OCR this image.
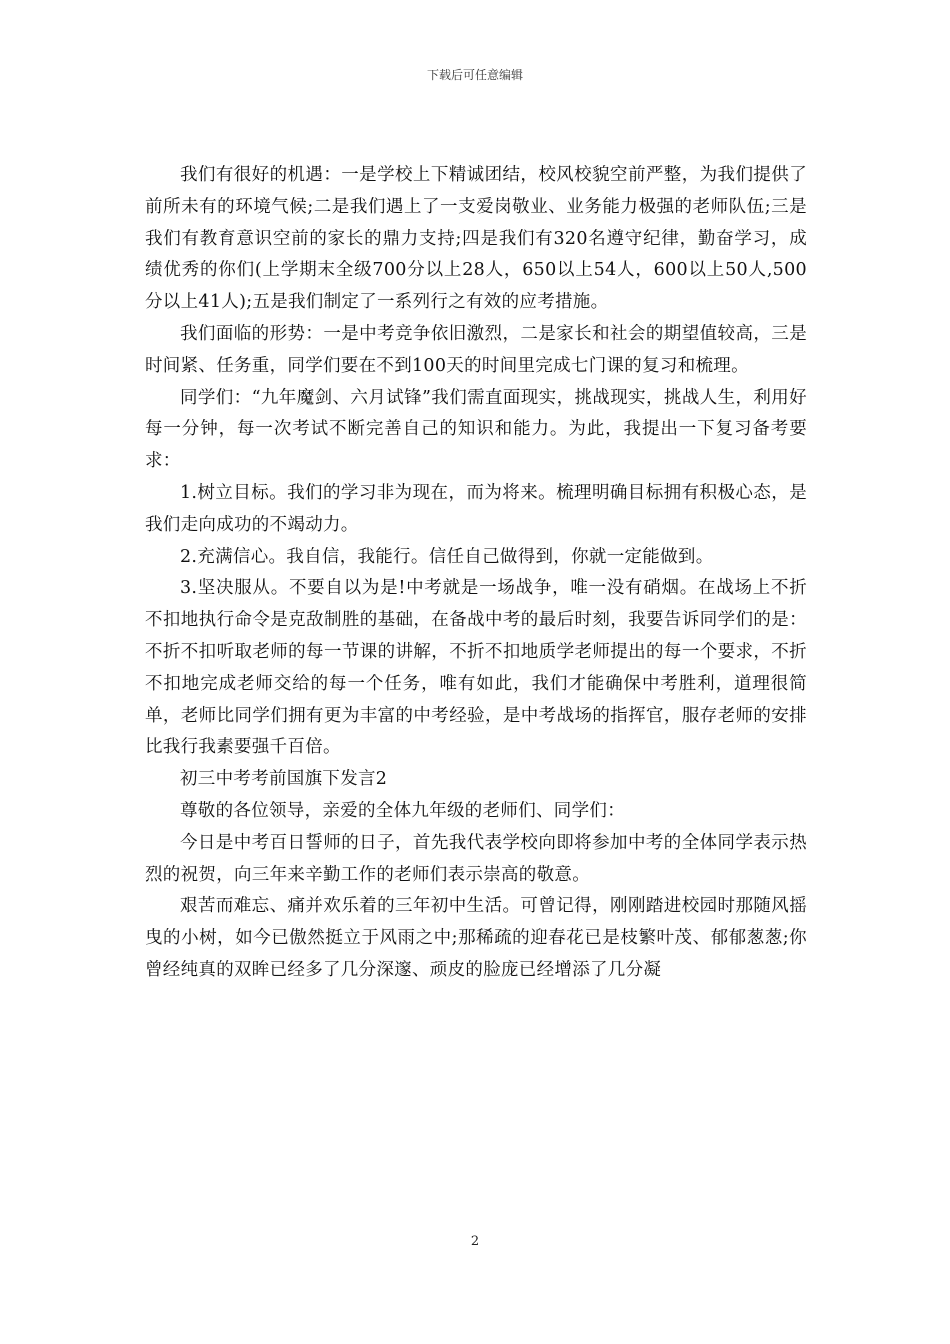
下载后可任意编辑

我们有很好的机遇：一是学校上下精诚团结，校风校貌空前严整，为我们提供了前所未有的环境气候;二是我们遇上了一支爱岗敬业、业务能力极强的老师队伍;三是我们有教育意识空前的家长的鼎力支持;四是我们有320名遵守纪律，勤奋学习，成绩优秀的你们(上学期末全级700分以上28人，650以上54人，600以上50人,500分以上41人);五是我们制定了一系列行之有效的应考措施。

我们面临的形势：一是中考竞争依旧激烈，二是家长和社会的期望值较高，三是时间紧、任务重，同学们要在不到100天的时间里完成七门课的复习和梳理。

同学们：“九年魔剑、六月试锋”我们需直面现实，挑战现实，挑战人生，利用好每一分钟，每一次考试不断完善自己的知识和能力。为此，我提出一下复习备考要求：

1.树立目标。我们的学习非为现在，而为将来。梳理明确目标拥有积极心态，是我们走向成功的不竭动力。

2.充满信心。我自信，我能行。信任自己做得到，你就一定能做到。

3.坚决服从。不要自以为是!中考就是一场战争，唯一没有硝烟。在战场上不折不扣地执行命令是克敌制胜的基础，在备战中考的最后时刻，我要告诉同学们的是：不折不扣听取老师的每一节课的讲解，不折不扣地质学老师提出的每一个要求，不折不扣地完成老师交给的每一个任务，唯有如此，我们才能确保中考胜利，道理很简单，老师比同学们拥有更为丰富的中考经验，是中考战场的指挥官，服存老师的安排比我行我素要强千百倍。

初三中考考前国旗下发言2

尊敬的各位领导，亲爱的全体九年级的老师们、同学们：

今日是中考百日誓师的日子，首先我代表学校向即将参加中考的全体同学表示热烈的祝贺，向三年来辛勤工作的老师们表示崇高的敬意。

艰苦而难忘、痛并欢乐着的三年初中生活。可曾记得，刚刚踏进校园时那随风摇曳的小树，如今已傲然挺立于风雨之中;那稀疏的迎春花已是枝繁叶茂、郁郁葱葱;你曾经纯真的双眸已经多了几分深邃、顽皮的脸庞已经增添了几分凝

2
